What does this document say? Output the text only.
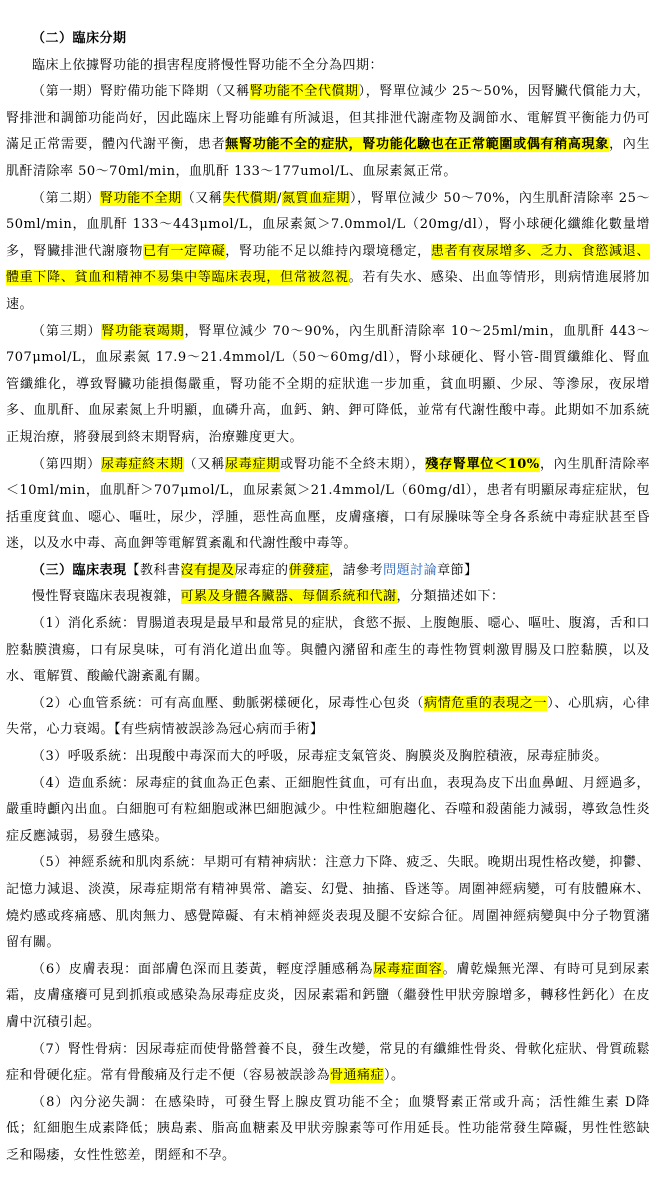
（二）臨床分期

臨床上依據腎功能的損害程度將慢性腎功能不全分為四期：

（第一期）腎貯備功能下降期（又稱腎功能不全代償期），腎單位減少 25～50%，因腎臟代償能力大，腎排泄和調節功能尚好，因此臨床上腎功能雖有所減退，但其排泄代謝產物及調節水、電解質平衡能力仍可滿足正常需要，體內代謝平衡，患者無腎功能不全的症狀，腎功能化驗也在正常範圍或偶有稍高現象，內生肌酐清除率 50～70ml/min，血肌酐 133～177umol/L、血尿素氮正常。

（第二期）腎功能不全期（又稱失代償期/氮質血症期），腎單位減少 50～70%，內生肌酐清除率 25～50ml/min，血肌酐 133～443μmol/L，血尿素氮＞7.0mmol/L（20mg/dl），腎小球硬化纖維化數量增多，腎臟排泄代謝廢物已有一定障礙，腎功能不足以維持內環境穩定，患者有夜尿增多、乏力、食慾減退、體重下降、貧血和精神不易集中等臨床表現，但常被忽視。若有失水、感染、出血等情形，則病情進展將加速。

（第三期）腎功能衰竭期，腎單位減少 70～90%，內生肌酐清除率 10～25ml/min，血肌酐 443～707μmol/L，血尿素氮 17.9～21.4mmol/L（50～60mg/dl），腎小球硬化、腎小管-間質纖維化、腎血管纖維化，導致腎臟功能損傷嚴重，腎功能不全期的症狀進一步加重，貧血明顯、少尿、等滲尿，夜尿增多、血肌酐、血尿素氮上升明顯，血磷升高，血鈣、鈉、鉀可降低，並常有代謝性酸中毒。此期如不加系統正規治療，將發展到終末期腎病，治療難度更大。

（第四期）尿毒症終末期（又稱尿毒症期或腎功能不全終末期），殘存腎單位＜10%，內生肌酐清除率＜10ml/min，血肌酐＞707μmol/L，血尿素氮＞21.4mmol/L（60mg/dl），患者有明顯尿毒症症狀，包括重度貧血、噁心、嘔吐，尿少，浮腫，惡性高血壓，皮膚瘙癢，口有尿臊味等全身各系統中毒症狀甚至昏迷，以及水中毒、高血鉀等電解質紊亂和代謝性酸中毒等。

（三）臨床表現【教科書沒有提及尿毒症的併發症，請參考問題討論章節】

慢性腎衰臨床表現複雜，可累及身體各臟器、每個系統和代謝，分類描述如下：

（1）消化系統：胃腸道表現是最早和最常見的症狀，食慾不振、上腹飽脹、噁心、嘔吐、腹瀉，舌和口腔黏膜潰瘍，口有尿臭味，可有消化道出血等。與體內瀦留和產生的毒性物質刺激胃腸及口腔黏膜，以及水、電解質、酸鹼代謝紊亂有關。

（2）心血管系統：可有高血壓、動脈粥樣硬化，尿毒性心包炎（病情危重的表現之一）、心肌病，心律失常，心力衰竭。【有些病情被誤診為冠心病而手術】

（3）呼吸系統：出現酸中毒深而大的呼吸，尿毒症支氣管炎、胸膜炎及胸腔積液，尿毒症肺炎。

（4）造血系統：尿毒症的貧血為正色素、正細胞性貧血，可有出血，表現為皮下出血鼻衄、月經過多，嚴重時顱內出血。白細胞可有粒細胞或淋巴細胞減少。中性粒細胞趨化、吞噬和殺菌能力減弱，導致急性炎症反應減弱，易發生感染。

（5）神經系統和肌肉系統：早期可有精神病狀：注意力下降、疲乏、失眠。晚期出現性格改變，抑鬱、記憶力減退、淡漠，尿毒症期常有精神異常、譫妄、幻覺、抽搐、昏迷等。周圍神經病變，可有肢體麻木、燒灼感或疼痛感、肌肉無力、感覺障礙、有末梢神經炎表現及腿不安綜合征。周圍神經病變與中分子物質瀦留有關。

（6）皮膚表現：面部膚色深而且萎黃，輕度浮腫感稱為尿毒症面容。膚乾燥無光澤、有時可見到尿素霜，皮膚瘙癢可見到抓痕或感染為尿毒症皮炎，因尿素霜和鈣鹽（繼發性甲狀旁腺增多，轉移性鈣化）在皮膚中沉積引起。

（7）腎性骨病：因尿毒症而使骨骼營養不良，發生改變，常見的有纖維性骨炎、骨軟化症狀、骨質疏鬆症和骨硬化症。常有骨酸痛及行走不便（容易被誤診為骨通痛症）。

（8）內分泌失調：在感染時，可發生腎上腺皮質功能不全；血漿腎素正常或升高；活性維生素 D降低；紅細胞生成素降低；胰島素、脂高血糖素及甲狀旁腺素等可作用延長。性功能常發生障礙，男性性慾缺乏和陽痿，女性性慾差，閉經和不孕。
